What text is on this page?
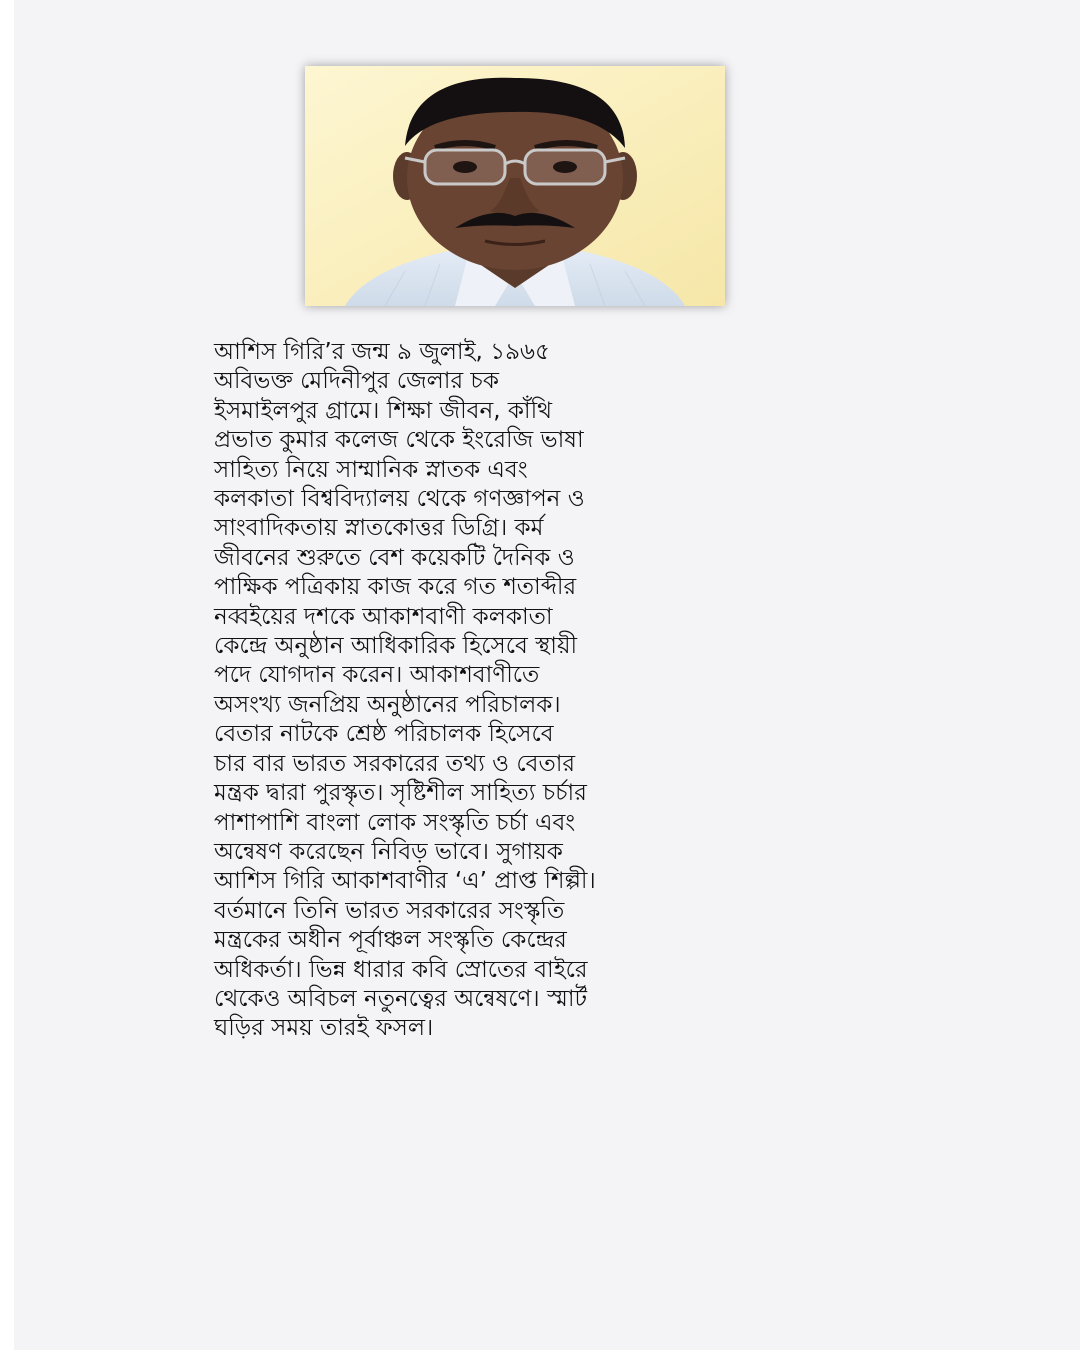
আশিস গিরি’র জন্ম ৯ জুলাই, ১৯৬৫
অবিভক্ত মেদিনীপুর জেলার চক
ইসমাইলপুর গ্রামে। শিক্ষা জীবন, কাঁথি
প্রভাত কুমার কলেজ থেকে ইংরেজি ভাষা
সাহিত্য নিয়ে সাম্মানিক স্নাতক এবং
কলকাতা বিশ্ববিদ্যালয় থেকে গণজ্ঞাপন ও
সাংবাদিকতায় স্নাতকোত্তর ডিগ্রি। কর্ম
জীবনের শুরুতে বেশ কয়েকটি দৈনিক ও
পাক্ষিক পত্রিকায় কাজ করে গত শতাব্দীর
নব্বইয়ের দশকে আকাশবাণী কলকাতা
কেন্দ্রে অনুষ্ঠান আধিকারিক হিসেবে স্থায়ী
পদে যোগদান করেন। আকাশবাণীতে
অসংখ্য জনপ্রিয় অনুষ্ঠানের পরিচালক।
বেতার নাটকে শ্রেষ্ঠ পরিচালক হিসেবে
চার বার ভারত সরকারের তথ্য ও বেতার
মন্ত্রক দ্বারা পুরস্কৃত। সৃষ্টিশীল সাহিত্য চর্চার
পাশাপাশি বাংলা লোক সংস্কৃতি চর্চা এবং
অন্বেষণ করেছেন নিবিড় ভাবে। সুগায়ক
আশিস গিরি আকাশবাণীর ‘এ’ প্রাপ্ত শিল্পী।
বর্তমানে তিনি ভারত সরকারের সংস্কৃতি
মন্ত্রকের অধীন পূর্বাঞ্চল সংস্কৃতি কেন্দ্রের
অধিকর্তা। ভিন্ন ধারার কবি স্রোতের বাইরে
থেকেও অবিচল নতুনত্বের অন্বেষণে। স্মার্ট
ঘড়ির সময় তারই ফসল।
